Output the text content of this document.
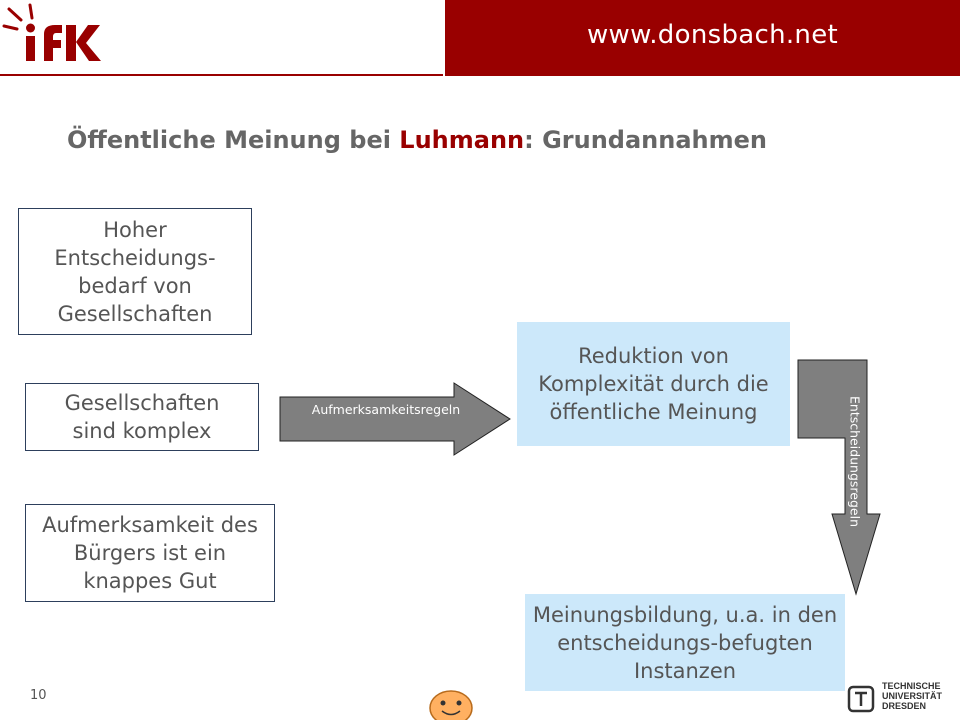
www.donsbach.net
Öffentliche Meinung bei Luhmann: Grundannahmen
Hoher Entscheidungs-bedarf von Gesellschaften
Gesellschaften sind komplex
Aufmerksamkeit des Bürgers ist ein knappes Gut
Reduktion von Komplexität durch die öffentliche Meinung
Meinungsbildung, u.a. in den entscheidungs-befugten Instanzen
Aufmerksamkeitsregeln	Entscheidungsregeln
10
TECHNISCHE
UNIVERSITÄT
DRESDEN
